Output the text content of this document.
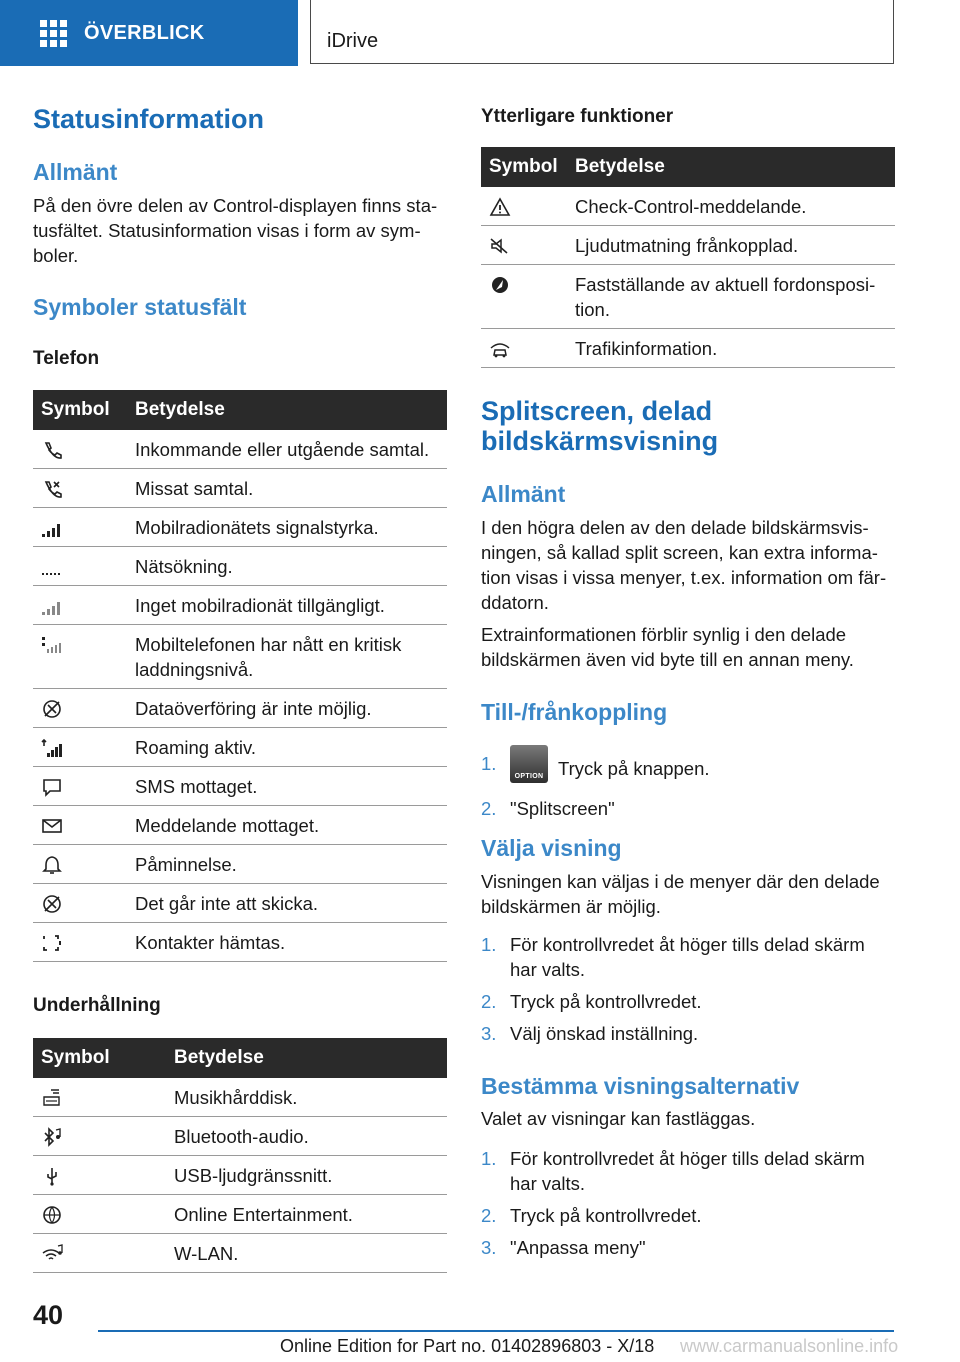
ÖVERBLICK	iDrive
Statusinformation
Allmänt

På den övre delen av Control-displayen finns statusfältet. Statusinformation visas i form av symboler.

Symboler statusfält
Telefon
Symbol	Betydelse

	Inkommande eller utgående samtal.

	Missat samtal.

	Mobilradionätets signalstyrka.

	Nätsökning.

	Inget mobilradionät tillgängligt.

	Mobiltelefonen har nått en kritisk laddningsnivå.

	Dataöverföring är inte möjlig.

	Roaming aktiv.

	SMS mottaget.

	Meddelande mottaget.

	Påminnelse.

	Det går inte att skicka.

	Kontakter hämtas.
Underhållning
Symbol	Betydelse

	Musikhårddisk.

	Bluetooth-audio.

	USB-ljudgränssnitt.

	Online Entertainment.

	W-LAN.
Ytterligare funktioner
Symbol	Betydelse

	Check-Control-meddelande.

	Ljudutmatning frånkopplad.

	Fastställande av aktuell fordonsposition.

	Trafikinformation.
Splitscreen, delad bildskärmsvisning
Allmänt

I den högra delen av den delade bildskärmsvisningen, så kallad split screen, kan extra information visas i vissa menyer, t.ex. information om färddatorn.

Extrainformationen förblir synlig i den delade bildskärmen även vid byte till en annan meny.

Till-/frånkoppling
1.
$_{OPTION}$ Tryck på knappen.
2. "Splitscreen"
Välja visning

Visningen kan väljas i de menyer där den delade bildskärmen är möjlig.

1. För kontrollvredet åt höger tills delad skärm har valts.
2. Tryck på kontrollvredet.
3. Välj önskad inställning.
Bestämma visningsalternativ

Valet av visningar kan fastläggas.

1. För kontrollvredet åt höger tills delad skärm har valts.
2. Tryck på kontrollvredet.
3. "Anpassa meny"
40
Online Edition for Part no. 01402896803 - X/18 www.carmanualsonline.info
